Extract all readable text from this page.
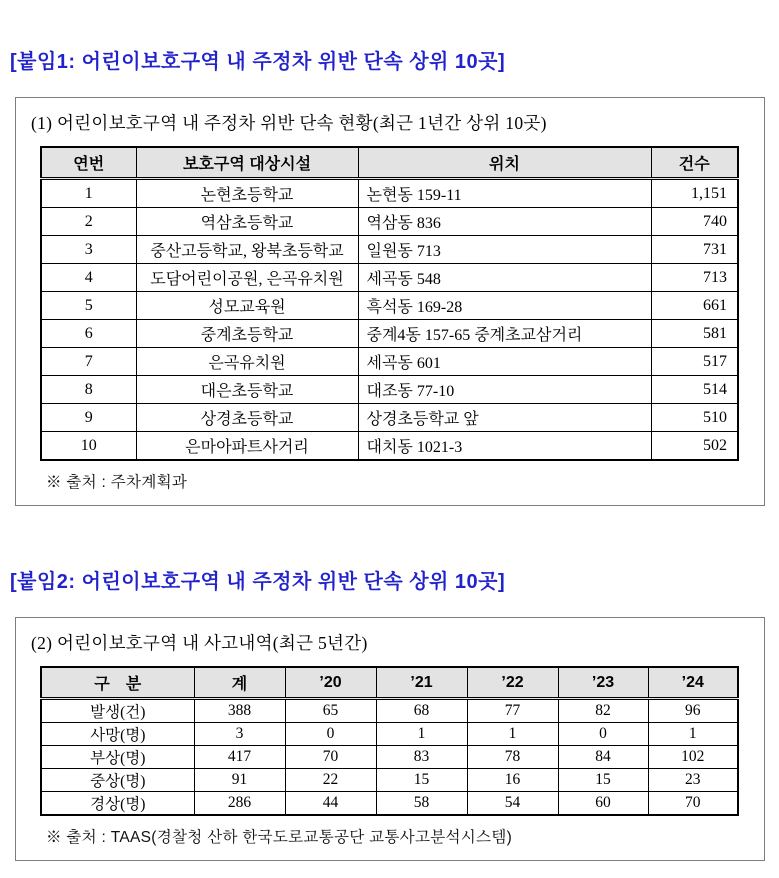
[붙임1: 어린이보호구역 내 주정차 위반 단속 상위 10곳]
(1) 어린이보호구역 내 주정차 위반 단속 현황(최근 1년간 상위 10곳)
연번	보호구역 대상시설	위치	건수
1	논현초등학교	논현동 159-11	1,151
2	역삼초등학교	역삼동 836	740
3	중산고등학교, 왕북초등학교	일원동 713	731
4	도담어린이공원, 은곡유치원	세곡동 548	713
5	성모교육원	흑석동 169-28	661
6	중계초등학교	중계4동 157-65 중계초교삼거리	581
7	은곡유치원	세곡동 601	517
8	대은초등학교	대조동 77-10	514
9	상경초등학교	상경초등학교 앞	510
10	은마아파트사거리	대치동 1021-3	502
※ 출처 : 주차계획과
[붙임2: 어린이보호구역 내 주정차 위반 단속 상위 10곳]
(2) 어린이보호구역 내 사고내역(최근 5년간)
구　분	계	’20	’21	’22	’23	’24
발생(건)	388	65	68	77	82	96
사망(명)	3	0	1	1	0	1
부상(명)	417	70	83	78	84	102
중상(명)	91	22	15	16	15	23
경상(명)	286	44	58	54	60	70
※ 출처 : TAAS(경찰청 산하 한국도로교통공단 교통사고분석시스템)
